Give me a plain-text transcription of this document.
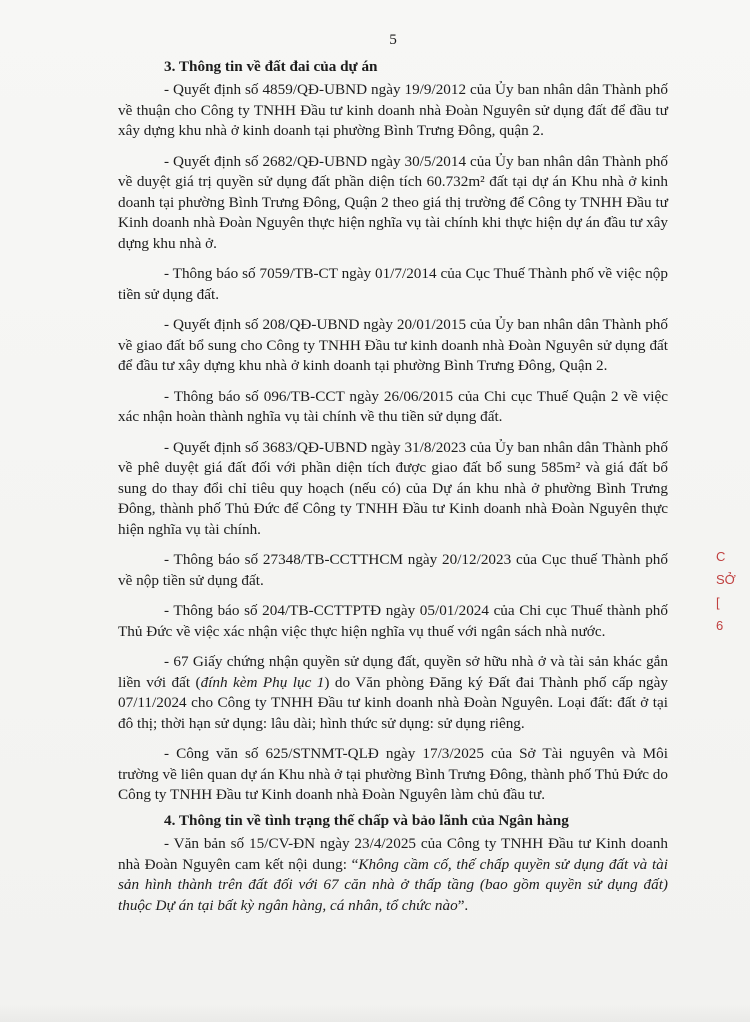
5
3. Thông tin về đất đai của dự án

- Quyết định số 4859/QĐ-UBND ngày 19/9/2012 của Ủy ban nhân dân Thành phố về thuận cho Công ty TNHH Đầu tư kinh doanh nhà Đoàn Nguyên sử dụng đất để đầu tư xây dựng khu nhà ở kinh doanh tại phường Bình Trưng Đông, quận 2.

- Quyết định số 2682/QĐ-UBND ngày 30/5/2014 của Ủy ban nhân dân Thành phố về duyệt giá trị quyền sử dụng đất phần diện tích 60.732m² đất tại dự án Khu nhà ở kinh doanh tại phường Bình Trưng Đông, Quận 2 theo giá thị trường để Công ty TNHH Đầu tư Kinh doanh nhà Đoàn Nguyên thực hiện nghĩa vụ tài chính khi thực hiện dự án đầu tư xây dựng khu nhà ở.

- Thông báo số 7059/TB-CT ngày 01/7/2014 của Cục Thuế Thành phố về việc nộp tiền sử dụng đất.

- Quyết định số 208/QĐ-UBND ngày 20/01/2015 của Ủy ban nhân dân Thành phố về giao đất bổ sung cho Công ty TNHH Đầu tư kinh doanh nhà Đoàn Nguyên sử dụng đất để đầu tư xây dựng khu nhà ở kinh doanh tại phường Bình Trưng Đông, Quận 2.

- Thông báo số 096/TB-CCT ngày 26/06/2015 của Chi cục Thuế Quận 2 về việc xác nhận hoàn thành nghĩa vụ tài chính về thu tiền sử dụng đất.

- Quyết định số 3683/QĐ-UBND ngày 31/8/2023 của Ủy ban nhân dân Thành phố về phê duyệt giá đất đối với phần diện tích được giao đất bổ sung 585m² và giá đất bổ sung do thay đổi chỉ tiêu quy hoạch (nếu có) của Dự án khu nhà ở phường Bình Trưng Đông, thành phố Thủ Đức để Công ty TNHH Đầu tư Kinh doanh nhà Đoàn Nguyên thực hiện nghĩa vụ tài chính.

- Thông báo số 27348/TB-CCTTHCM ngày 20/12/2023 của Cục thuế Thành phố về nộp tiền sử dụng đất.

- Thông báo số 204/TB-CCTTPTĐ ngày 05/01/2024 của Chi cục Thuế thành phố Thủ Đức về việc xác nhận việc thực hiện nghĩa vụ thuế với ngân sách nhà nước.

- 67 Giấy chứng nhận quyền sử dụng đất, quyền sở hữu nhà ở và tài sản khác gắn liền với đất (đính kèm Phụ lục 1) do Văn phòng Đăng ký Đất đai Thành phố cấp ngày 07/11/2024 cho Công ty TNHH Đầu tư kinh doanh nhà Đoàn Nguyên. Loại đất: đất ở tại đô thị; thời hạn sử dụng: lâu dài; hình thức sử dụng: sử dụng riêng.

- Công văn số 625/STNMT-QLĐ ngày 17/3/2025 của Sở Tài nguyên và Môi trường về liên quan dự án Khu nhà ở tại phường Bình Trưng Đông, thành phố Thủ Đức do Công ty TNHH Đầu tư Kinh doanh nhà Đoàn Nguyên làm chủ đầu tư.

4. Thông tin về tình trạng thế chấp và bảo lãnh của Ngân hàng

- Văn bản số 15/CV-ĐN ngày 23/4/2025 của Công ty TNHH Đầu tư Kinh doanh nhà Đoàn Nguyên cam kết nội dung: “Không cầm cố, thế chấp quyền sử dụng đất và tài sản hình thành trên đất đối với 67 căn nhà ở thấp tầng (bao gồm quyền sử dụng đất) thuộc Dự án tại bất kỳ ngân hàng, cá nhân, tổ chức nào”.

C
SỞ
[
6
